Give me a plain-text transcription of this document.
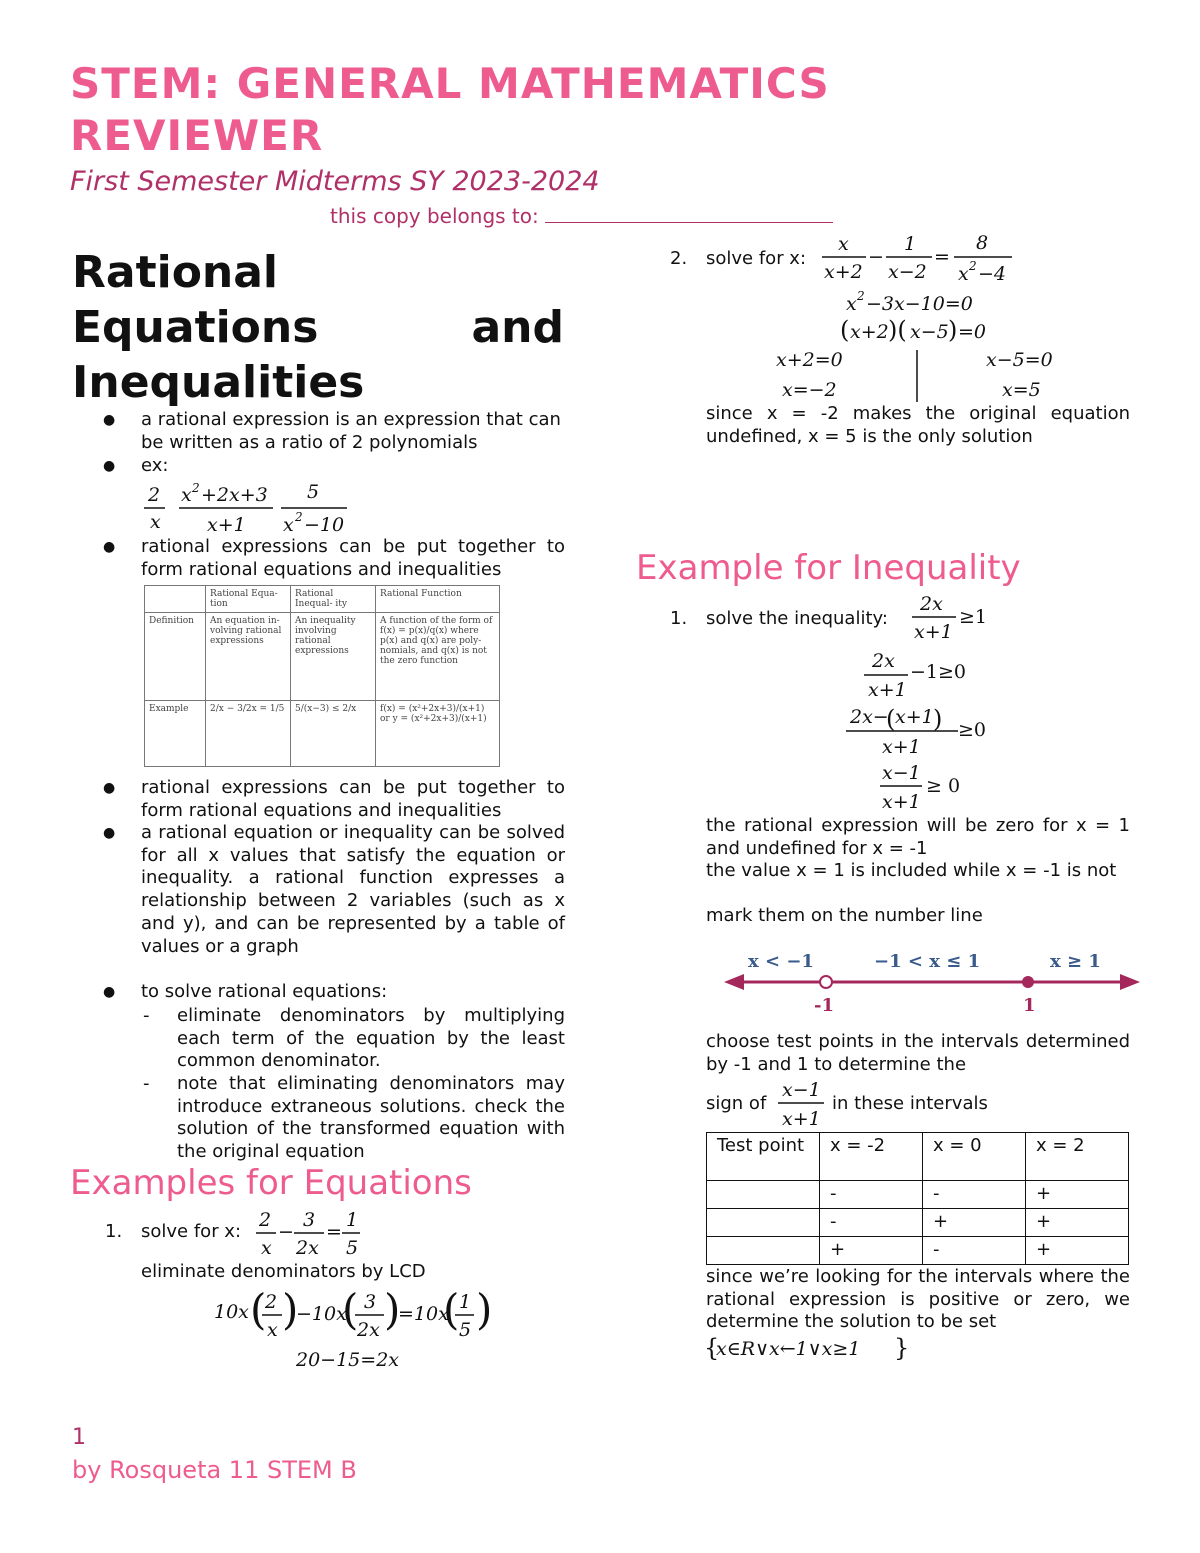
STEM: GENERAL MATHEMATICS REVIEWER
First Semester Midterms SY 2023-2024
this copy belongs to:
Rational
Equations	and
Inequalities
● a rational expression is an expression that can be written as a ratio of 2 polynomials
● ex:
2
x
x 2 +2x+3
x+1
5
x 2 −10
● rational expressions can be put together to form rational equations and inequalities
	Rational Equa- tion	Rational Inequal- ity	Rational Function
Definition	An equation in- volving rational expressions	An inequality involving rational expressions	A function of the form of f(x) = p(x)/q(x) where p(x) and q(x) are poly- nomials, and q(x) is not the zero function
Example	2/x − 3/2x = 1/5	5/(x−3) ≤ 2/x	f(x) = (x²+2x+3)/(x+1) or y = (x²+2x+3)/(x+1)
● rational expressions can be put together to form rational equations and inequalities
● a rational equation or inequality can be solved for all x values that satisfy the equation or inequality. a rational function expresses a relationship between 2 variables (such as x and y), and can be represented by a table of values or a graph
● to solve rational equations:
- eliminate denominators by multiplying each term of the equation by the least common denominator.
- note that eliminating denominators may introduce extraneous solutions. check the solution of the transformed equation with the original equation
Examples for Equations
1. solve for x:
2
x
−
3
2x
=
1
5
eliminate denominators by LCD
10x (
2
x )
−10x
( 3
2x )
=10x
( 1
5 )
20−15=2x
2. solve for x:
x
x+2
−
1
x−2
=
8
x 2 −4
x 2 −3x−10=0
( x+2 )( x−5 ) =0
x+2=0	x−5=0
x=−2	x=5
since x = -2 makes the original equation undefined, x = 5 is the only solution
Example for Inequality
1. solve the inequality:
2x
x+1
≥1
2x
x+1
−1≥0
2x−
( x+1 )
x+1
≥0
x−1
x+1
≥ 0
the rational expression will be zero for x = 1 and undefined for x = -1
the value x = 1 is included while x = -1 is not
mark them on the number line
x < −1	−1 < x ≤ 1	x ≥ 1
-1	1
choose test points in the intervals determined by -1 and 1 to determine the
sign of
x−1
x+1
in these intervals
Test point	x = -2	x = 0	x = 2
	-	-	+
	-	+	+
	+	-	+
since we’re looking for the intervals where the rational expression is positive or zero, we determine the solution to be set
{
x∈R∨x←1∨x≥1 }
1
by Rosqueta 11 STEM B
